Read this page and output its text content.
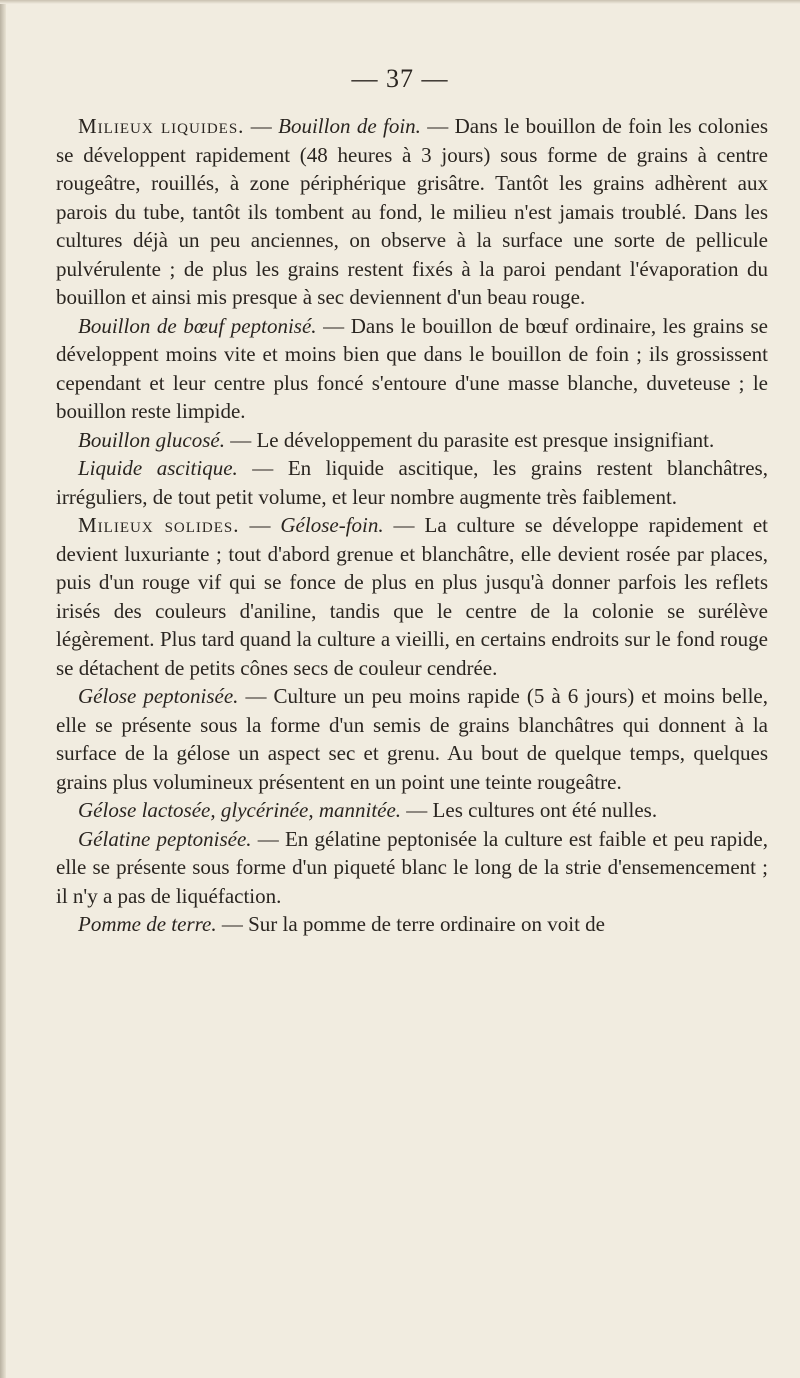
— 37 —

Milieux liquides. — Bouillon de foin. — Dans le bouillon de foin les colonies se développent rapidement (48 heures à 3 jours) sous forme de grains à centre rougeâtre, rouillés, à zone périphérique grisâtre. Tantôt les grains adhèrent aux parois du tube, tantôt ils tombent au fond, le milieu n'est jamais troublé. Dans les cultures déjà un peu anciennes, on observe à la surface une sorte de pellicule pulvérulente ; de plus les grains restent fixés à la paroi pendant l'évaporation du bouillon et ainsi mis presque à sec deviennent d'un beau rouge.

Bouillon de bœuf peptonisé. — Dans le bouillon de bœuf ordinaire, les grains se développent moins vite et moins bien que dans le bouillon de foin ; ils grossissent cependant et leur centre plus foncé s'entoure d'une masse blanche, duveteuse ; le bouillon reste limpide.

Bouillon glucosé. — Le développement du parasite est presque insignifiant.

Liquide ascitique. — En liquide ascitique, les grains restent blanchâtres, irréguliers, de tout petit volume, et leur nombre augmente très faiblement.

Milieux solides. — Gélose-foin. — La culture se développe rapidement et devient luxuriante ; tout d'abord grenue et blanchâtre, elle devient rosée par places, puis d'un rouge vif qui se fonce de plus en plus jusqu'à donner parfois les reflets irisés des couleurs d'aniline, tandis que le centre de la colonie se surélève légèrement. Plus tard quand la culture a vieilli, en certains endroits sur le fond rouge se détachent de petits cônes secs de couleur cendrée.

Gélose peptonisée. — Culture un peu moins rapide (5 à 6 jours) et moins belle, elle se présente sous la forme d'un semis de grains blanchâtres qui donnent à la surface de la gélose un aspect sec et grenu. Au bout de quelque temps, quelques grains plus volumineux présentent en un point une teinte rougeâtre.

Gélose lactosée, glycérinée, mannitée. — Les cultures ont été nulles.

Gélatine peptonisée. — En gélatine peptonisée la culture est faible et peu rapide, elle se présente sous forme d'un piqueté blanc le long de la strie d'ensemencement ; il n'y a pas de liquéfaction.

Pomme de terre. — Sur la pomme de terre ordinaire on voit de
